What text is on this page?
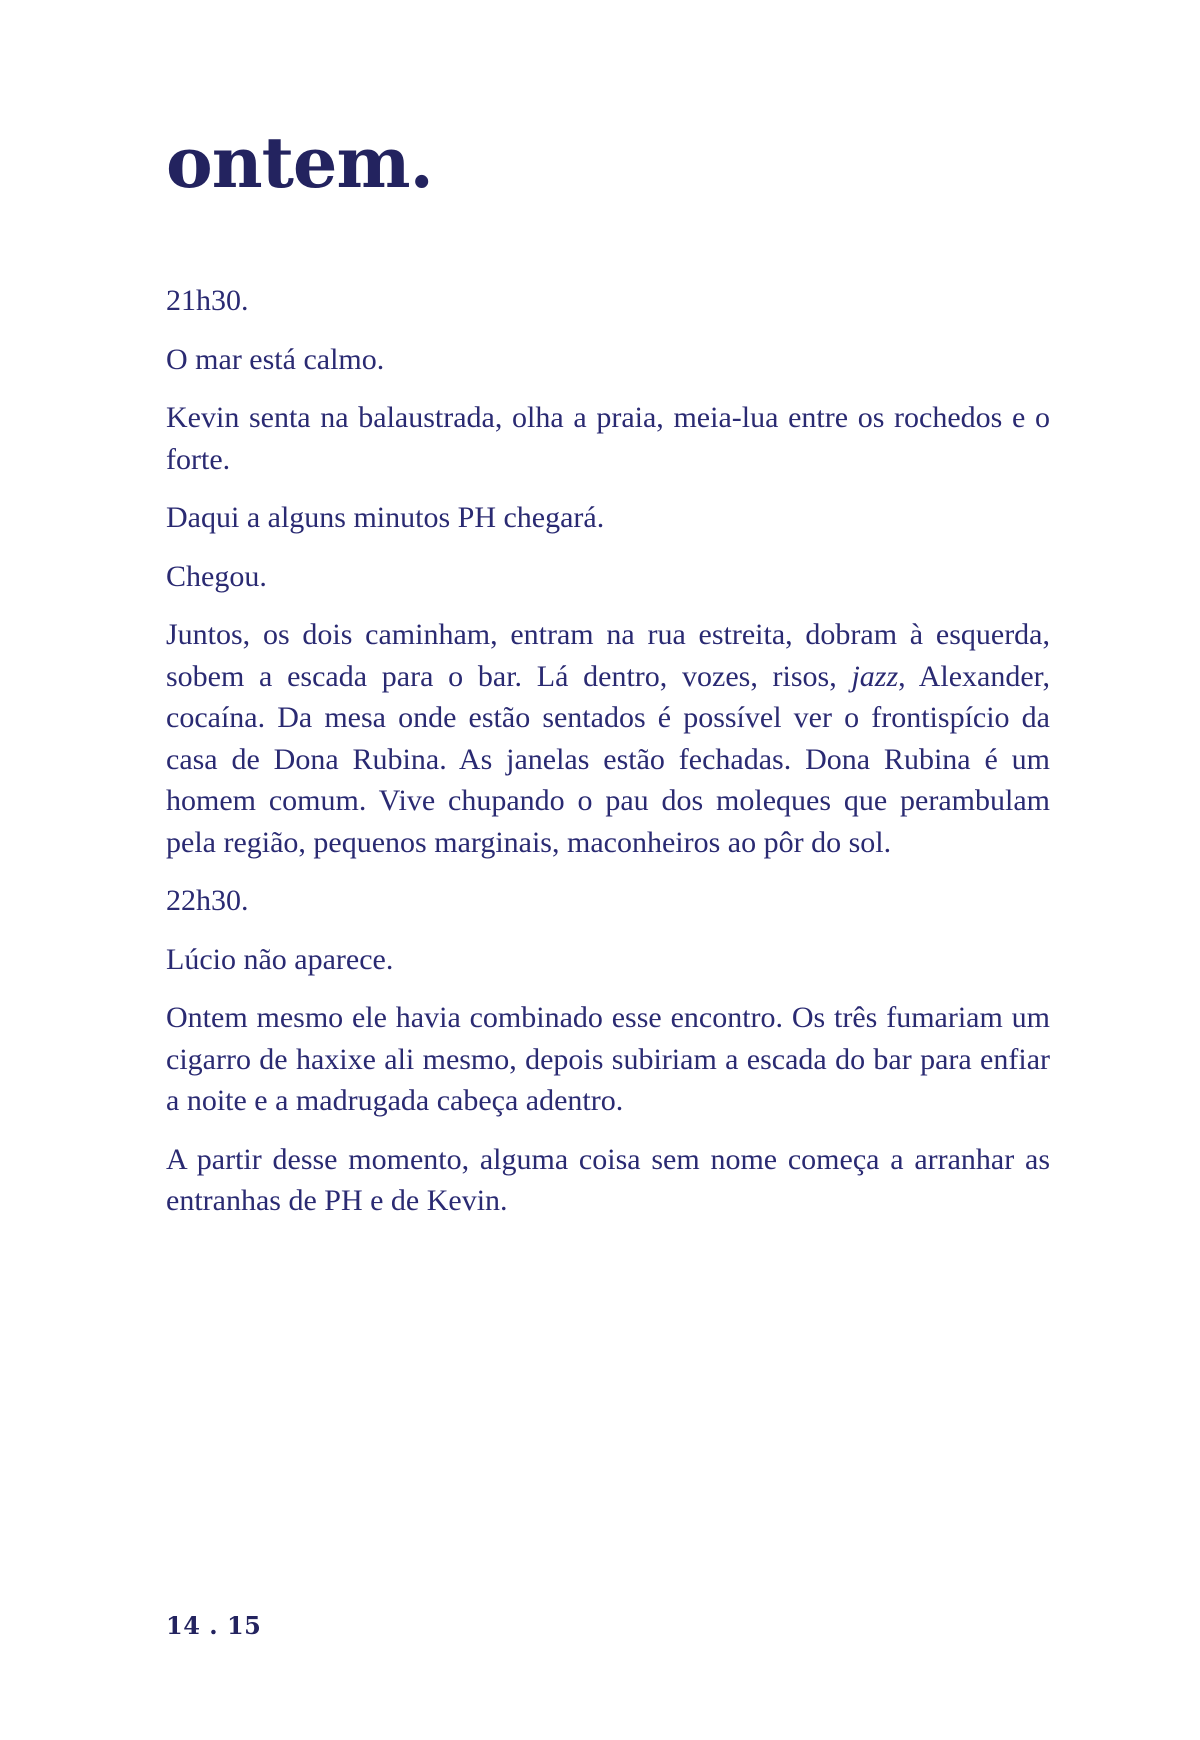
ontem.

21h30.

O mar está calmo.

Kevin senta na balaustrada, olha a praia, meia-lua entre os rochedos e o forte.

Daqui a alguns minutos PH chegará.

Chegou.

Juntos, os dois caminham, entram na rua estreita, dobram à esquerda, sobem a escada para o bar. Lá dentro, vozes, risos, jazz, Alexander, cocaína. Da mesa onde estão sentados é possível ver o frontispício da casa de Dona Rubina. As janelas estão fechadas. Dona Rubina é um homem comum. Vive chupando o pau dos moleques que perambulam pela região, pequenos marginais, maconheiros ao pôr do sol.

22h30.

Lúcio não aparece.

Ontem mesmo ele havia combinado esse encontro. Os três fumariam um cigarro de haxixe ali mesmo, depois subiriam a escada do bar para enfiar a noite e a madrugada cabeça adentro.

A partir desse momento, alguma coisa sem nome começa a arranhar as entranhas de PH e de Kevin.

14 . 15
